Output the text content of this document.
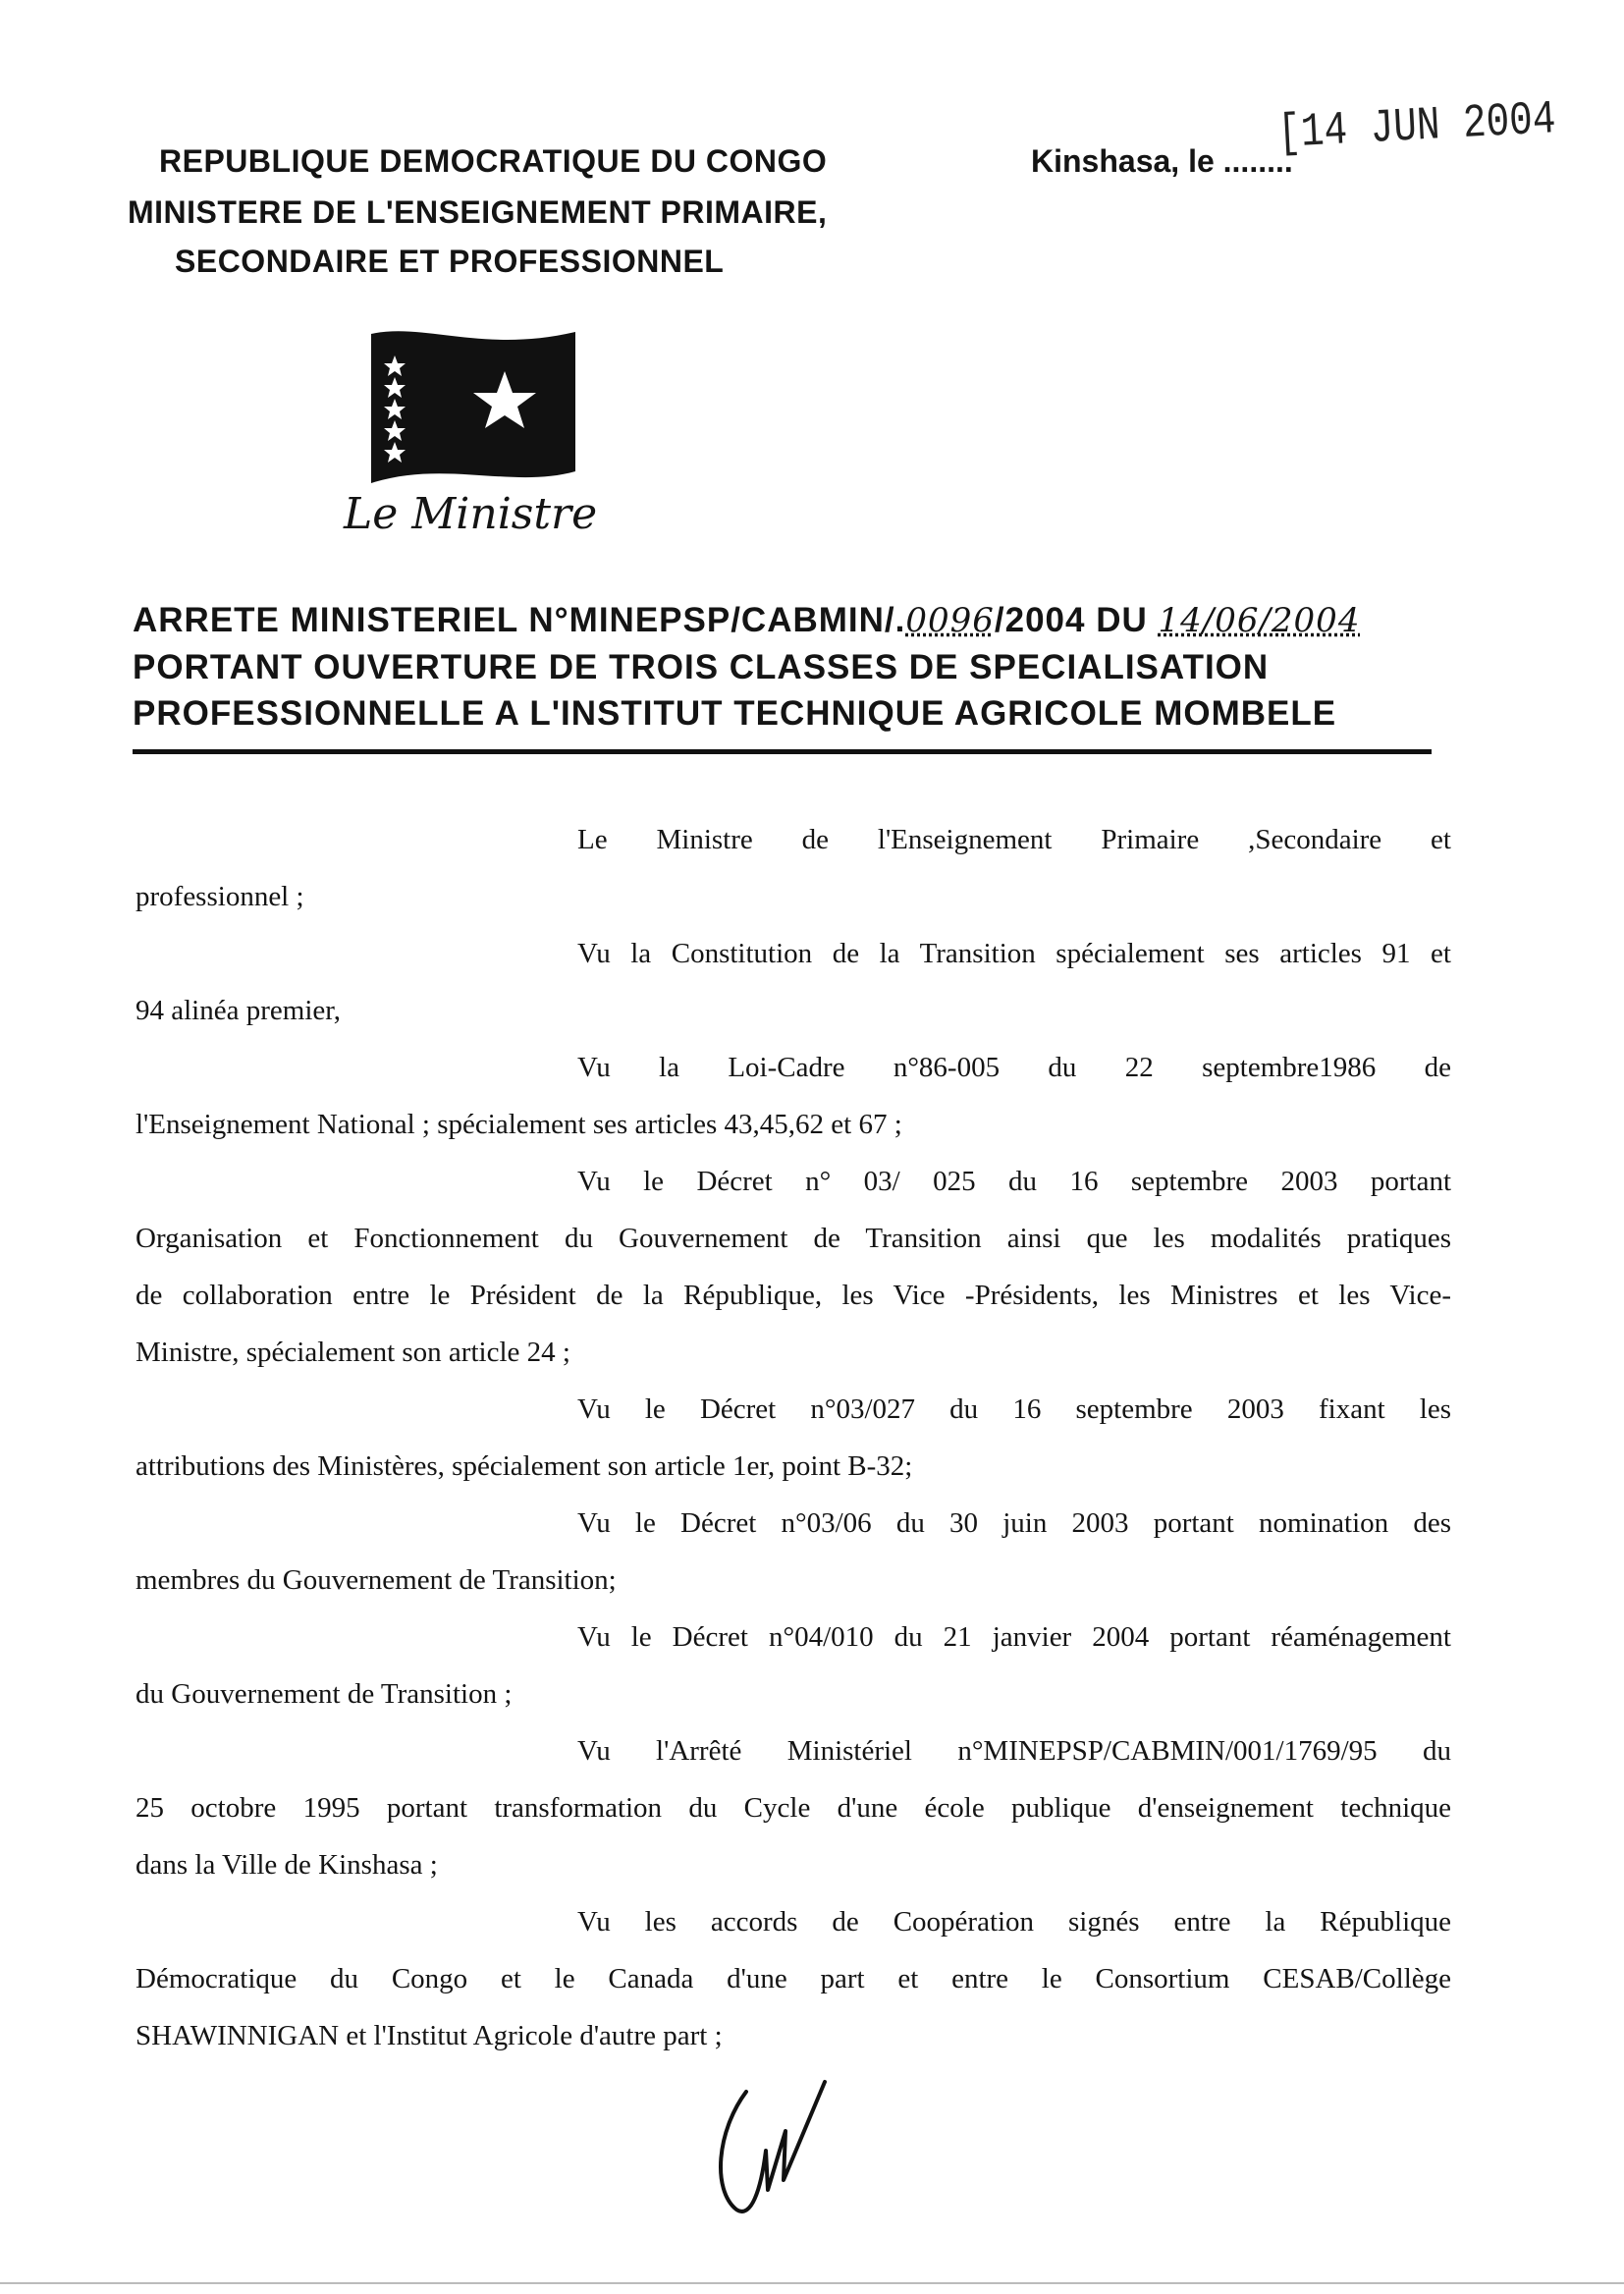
REPUBLIQUE DEMOCRATIQUE DU CONGO
MINISTERE DE L'ENSEIGNEMENT PRIMAIRE,
SECONDAIRE ET PROFESSIONNEL
Kinshasa, le ........
[14 JUN 2004
Le Ministre
ARRETE MINISTERIEL N°MINEPSP/CABMIN/.0096/2004 DU 14/06/2004
PORTANT OUVERTURE DE TROIS CLASSES DE SPECIALISATION
PROFESSIONNELLE A L'INSTITUT TECHNIQUE AGRICOLE MOMBELE
Le Ministre de l'Enseignement Primaire ,Secondaire et
professionnel ;
Vu la Constitution de la Transition spécialement ses articles 91 et
94 alinéa premier,
Vu la Loi-Cadre n°86-005 du 22 septembre1986 de
l'Enseignement National ; spécialement ses articles 43,45,62 et 67 ;
Vu le Décret n° 03/ 025 du 16 septembre 2003 portant
Organisation et Fonctionnement du Gouvernement de Transition ainsi que les modalités pratiques
de collaboration entre le Président de la République, les Vice -Présidents, les Ministres et les Vice-
Ministre, spécialement son article 24 ;
Vu le Décret n°03/027 du 16 septembre 2003 fixant les
attributions des Ministères, spécialement son article 1er, point B-32;
Vu le Décret n°03/06 du 30 juin 2003 portant nomination des
membres du Gouvernement de Transition;
Vu le Décret n°04/010 du 21 janvier 2004 portant réaménagement
du Gouvernement de Transition ;
Vu l'Arrêté Ministériel n°MINEPSP/CABMIN/001/1769/95 du
25 octobre 1995 portant transformation du Cycle d'une école publique d'enseignement technique
dans la Ville de Kinshasa ;
Vu les accords de Coopération signés entre la République
Démocratique du Congo et le Canada d'une part et entre le Consortium CESAB/Collège
SHAWINNIGAN et l'Institut Agricole d'autre part ;
